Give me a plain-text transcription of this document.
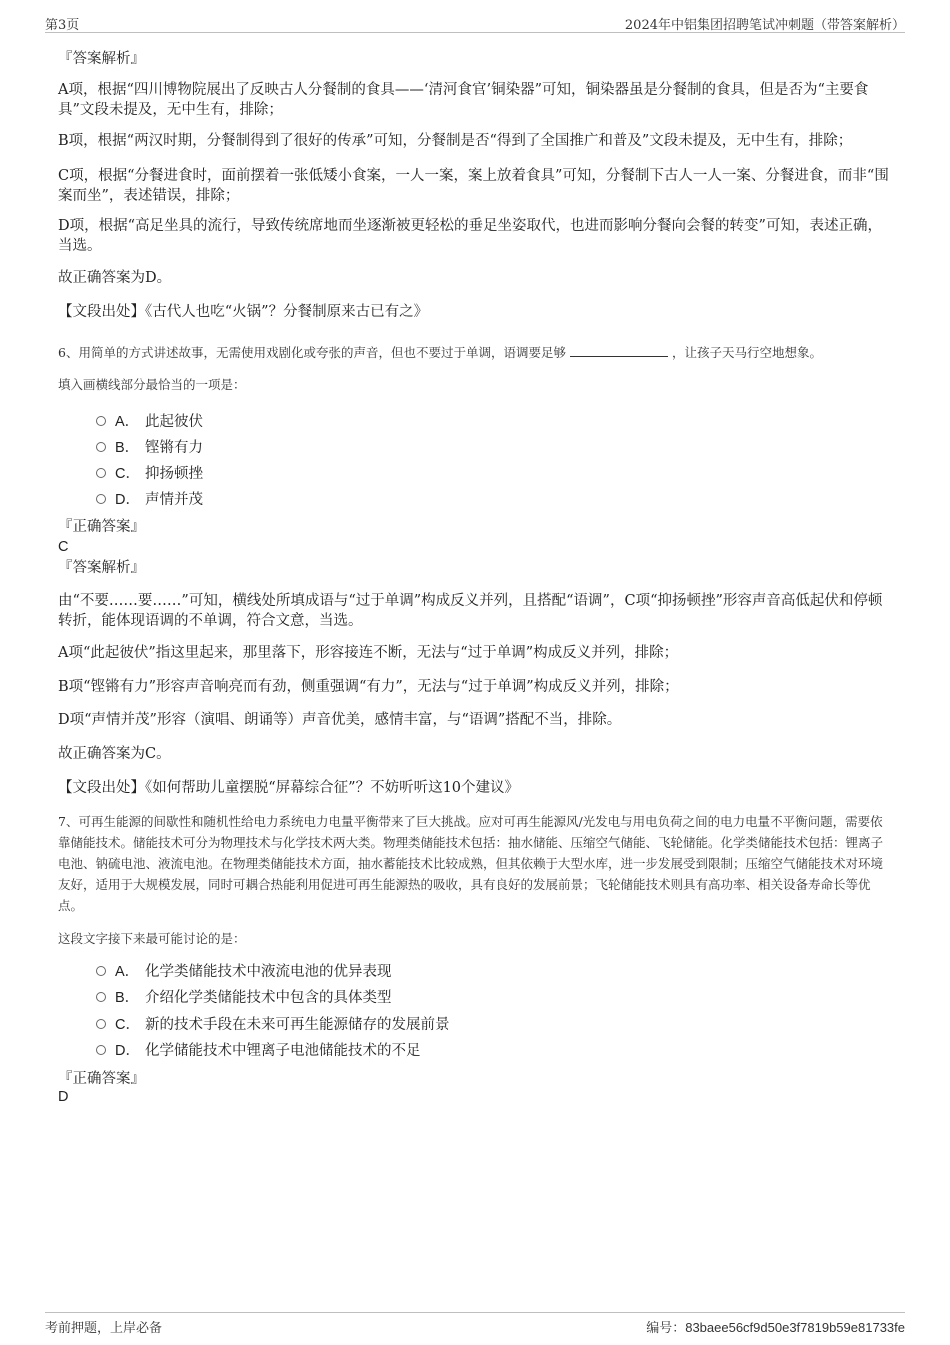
第3页	2024年中铝集团招聘笔试冲刺题（带答案解析）
『答案解析』
A项，根据“四川博物院展出了反映古人分餐制的食具——‘清河食官’铜染器”可知，铜染器虽是分餐制的食具，但是否为“主要食具”文段未提及，无中生有，排除；
B项，根据“两汉时期，分餐制得到了很好的传承”可知，分餐制是否“得到了全国推广和普及”文段未提及，无中生有，排除；
C项，根据“分餐进食时，面前摆着一张低矮小食案，一人一案，案上放着食具”可知，分餐制下古人一人一案、分餐进食，而非“围案而坐”，表述错误，排除；
D项，根据“高足坐具的流行，导致传统席地而坐逐渐被更轻松的垂足坐姿取代，也进而影响分餐向会餐的转变”可知，表述正确，当选。
故正确答案为D。
【文段出处】《古代人也吃“火锅”？分餐制原来古已有之》
6、用简单的方式讲述故事，无需使用戏剧化或夸张的声音，但也不要过于单调，语调要足够	，让孩子天马行空地想象。
填入画横线部分最恰当的一项是：
A． 此起彼伏
B． 铿锵有力
C． 抑扬顿挫
D． 声情并茂
『正确答案』
C
『答案解析』
由“不要……要……”可知，横线处所填成语与“过于单调”构成反义并列，且搭配“语调”，C项“抑扬顿挫”形容声音高低起伏和停顿转折，能体现语调的不单调，符合文意，当选。
A项“此起彼伏”指这里起来，那里落下，形容接连不断，无法与“过于单调”构成反义并列，排除；
B项“铿锵有力”形容声音响亮而有劲，侧重强调“有力”，无法与“过于单调”构成反义并列，排除；
D项“声情并茂”形容（演唱、朗诵等）声音优美，感情丰富，与“语调”搭配不当，排除。
故正确答案为C。
【文段出处】《如何帮助儿童摆脱“屏幕综合征”？不妨听听这10个建议》
7、可再生能源的间歇性和随机性给电力系统电力电量平衡带来了巨大挑战。应对可再生能源风/光发电与用电负荷之间的电力电量不平衡问题，需要依靠储能技术。储能技术可分为物理技术与化学技术两大类。物理类储能技术包括：抽水储能、压缩空气储能、飞轮储能。化学类储能技术包括：锂离子电池、钠硫电池、液流电池。在物理类储能技术方面，抽水蓄能技术比较成熟，但其依赖于大型水库，进一步发展受到限制；压缩空气储能技术对环境友好，适用于大规模发展，同时可耦合热能利用促进可再生能源热的吸收，具有良好的发展前景；飞轮储能技术则具有高功率、相关设备寿命长等优点。
这段文字接下来最可能讨论的是：
A． 化学类储能技术中液流电池的优异表现
B． 介绍化学类储能技术中包含的具体类型
C． 新的技术手段在未来可再生能源储存的发展前景
D． 化学储能技术中锂离子电池储能技术的不足
『正确答案』
D
考前押题，上岸必备	编号：83baee56cf9d50e3f7819b59e81733fe
